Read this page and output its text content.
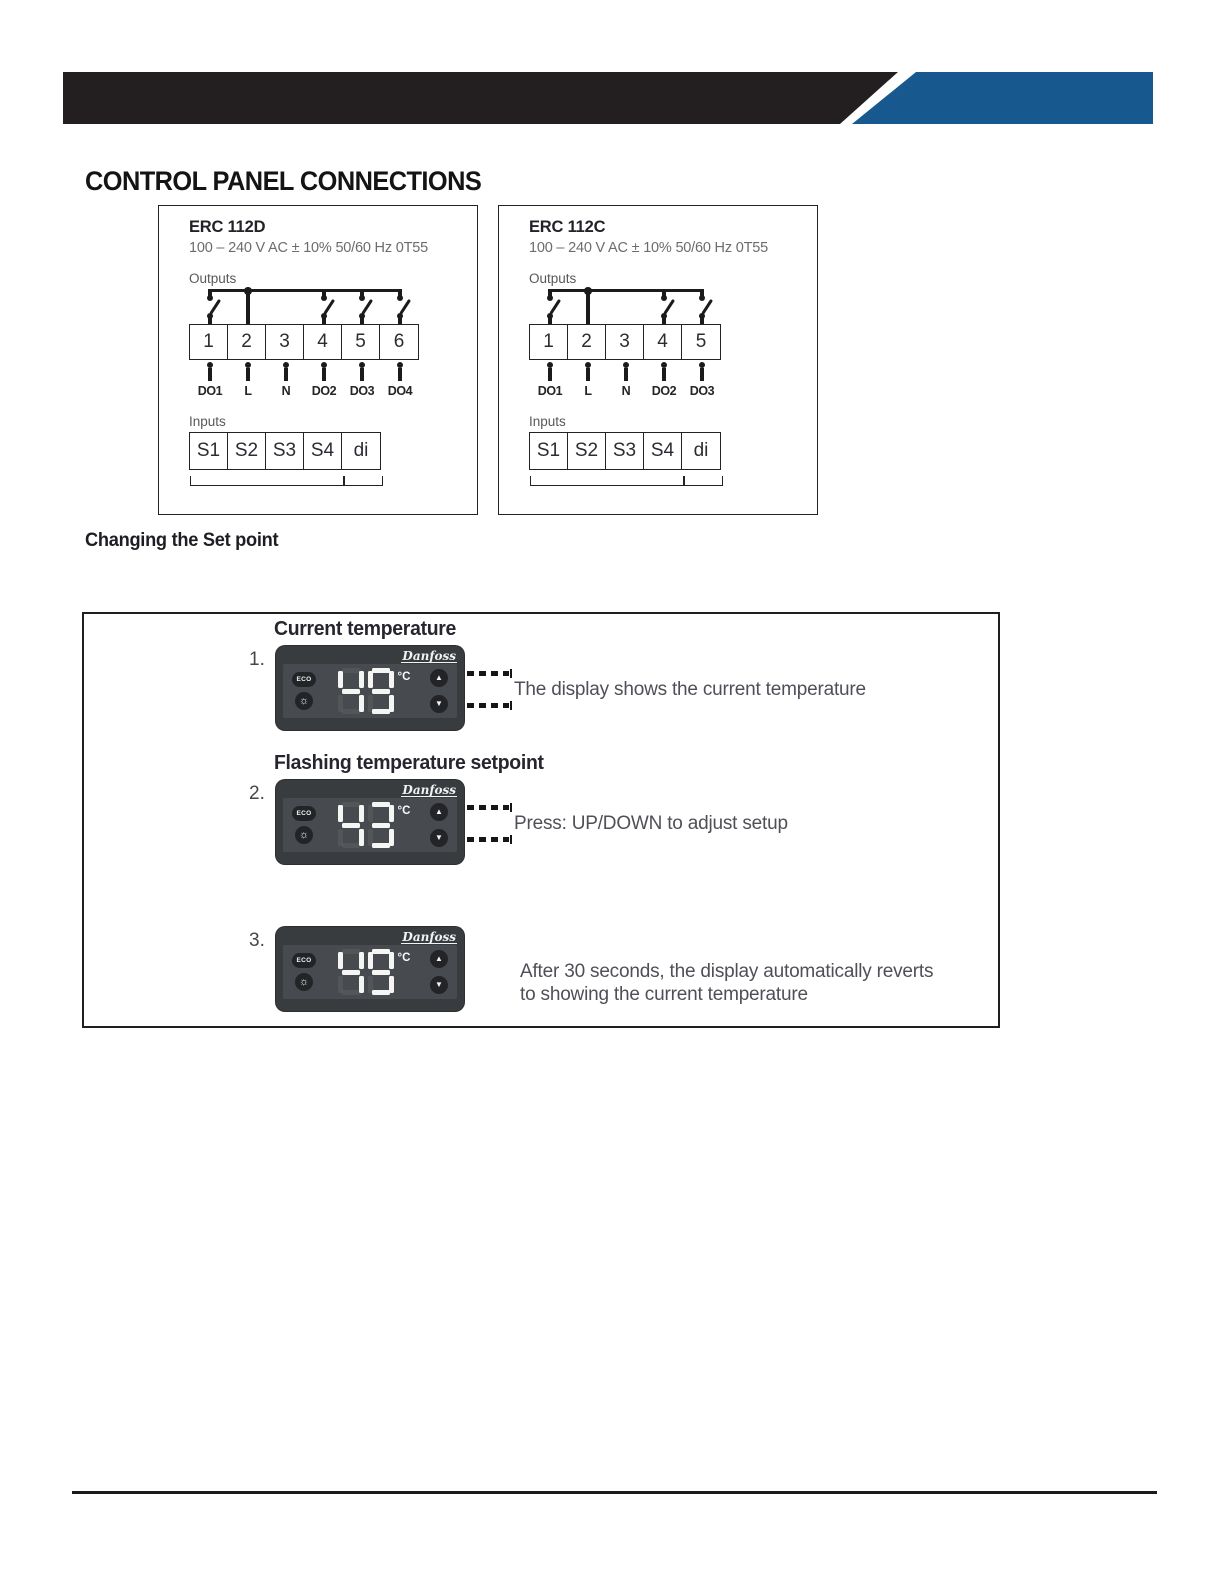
CONTROL PANEL CONNECTIONS
ERC 112D
100 – 240 V AC ± 10% 50/60 Hz 0T55
Outputs
1	2	3	4	5	6
DO1	L	N	DO2	DO3	DO4
Inputs
S1 S2 S3 S4	di
ERC 112C
100 – 240 V AC ± 10% 50/60 Hz 0T55
Outputs
1	2	3	4	5
DO1	L	N	DO2	DO3
Inputs
S1 S2 S3 S4	di
Changing the Set point
Current temperature
1.	Danfoss
ECO
☼
°C	▲
▼
The display shows the current temperature
Flashing temperature setpoint
2.	Danfoss
ECO
☼
°C	▲
▼
Press: UP/DOWN to adjust setup
3.	Danfoss
ECO
☼
°C	▲
▼
After 30 seconds, the display automatically reverts to showing the current temperature
